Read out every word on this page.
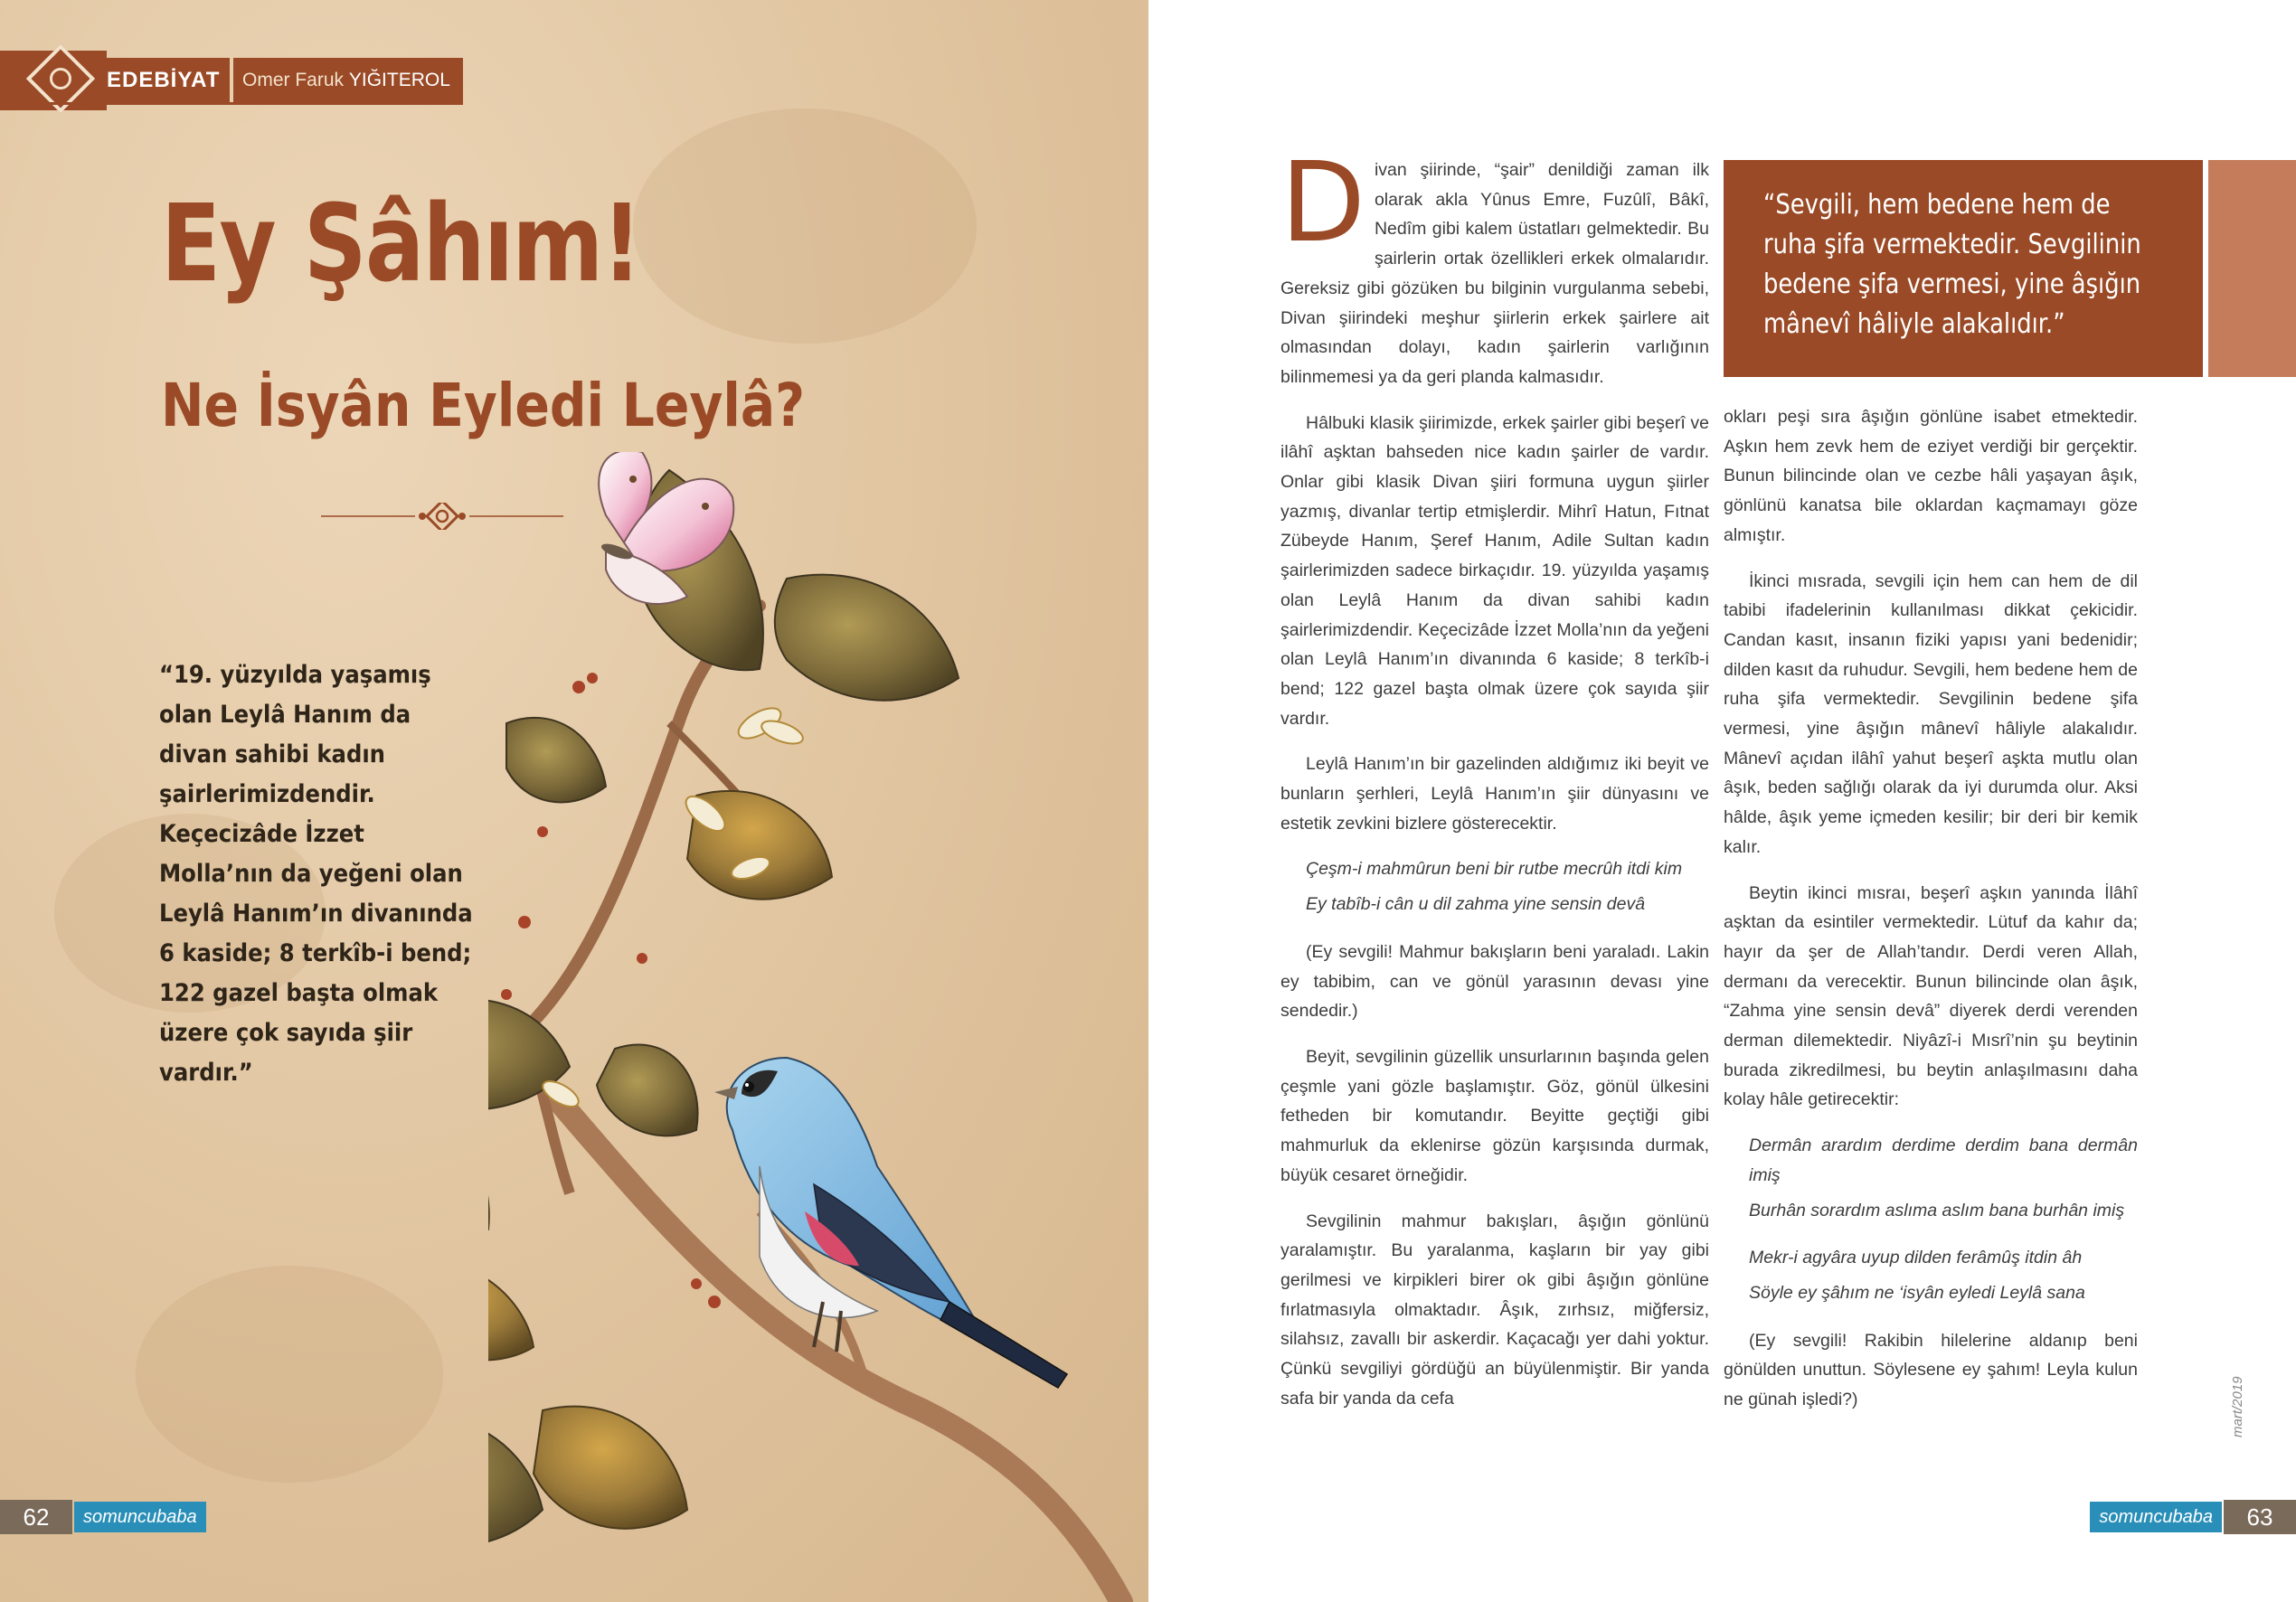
EDEBİYAT	Omer Faruk
YIĞITEROL
Ey Şâhım!
Ne İsyân Eyledi Leylâ?
“19. yüzyılda yaşamış olan Leylâ Hanım da divan sahibi kadın şairlerimizdendir. Keçecizâde İzzet Molla’nın da yeğeni olan Leylâ Hanım’ın divanında 6 kaside; 8 terkîb-i bend; 122 gazel başta olmak üzere çok sayıda şiir vardır.”
62	somuncubaba

Divan şiirinde, “şair” denildiği zaman ilk olarak akla Yûnus Emre, Fuzûlî, Bâkî, Nedîm gibi kalem üstatları gelmektedir. Bu şairlerin ortak özellikleri erkek olmalarıdır. Gereksiz gibi gözüken bu bilginin vurgulanma sebebi, Divan şiirindeki meşhur şiirlerin erkek şairlere ait olmasından dolayı, kadın şairlerin varlığının bilinmemesi ya da geri planda kalmasıdır.

Hâlbuki klasik şiirimizde, erkek şairler gibi beşerî ve ilâhî aşktan bahseden nice kadın şairler de vardır. Onlar gibi klasik Divan şiiri formuna uygun şiirler yazmış, divanlar tertip etmişlerdir. Mihrî Hatun, Fıtnat Zübeyde Hanım, Şeref Hanım, Adile Sultan kadın şairlerimizden sadece birkaçıdır. 19. yüzyılda yaşamış olan Leylâ Hanım da divan sahibi kadın şairlerimizdendir. Keçecizâde İzzet Molla’nın da yeğeni olan Leylâ Hanım’ın divanında 6 kaside; 8 terkîb-i bend; 122 gazel başta olmak üzere çok sayıda şiir vardır.

Leylâ Hanım’ın bir gazelinden aldığımız iki beyit ve bunların şerhleri, Leylâ Hanım’ın şiir dünyasını ve estetik zevkini bizlere gösterecektir.

Çeşm-i mahmûrun beni bir rutbe mecrûh itdi kim

Ey tabîb-i cân u dil zahma yine sensin devâ

(Ey sevgili! Mahmur bakışların beni yaraladı. Lakin ey tabibim, can ve gönül yarasının devası yine sendedir.)

Beyit, sevgilinin güzellik unsurlarının başında gelen çeşmle yani gözle başlamıştır. Göz, gönül ülkesini fetheden bir komutandır. Beyitte geçtiği gibi mahmurluk da eklenirse gözün karşısında durmak, büyük cesaret örneğidir.

Sevgilinin mahmur bakışları, âşığın gönlünü yaralamıştır. Bu yaralanma, kaşların bir yay gibi gerilmesi ve kirpikleri birer ok gibi âşığın gönlüne fırlatmasıyla olmaktadır. Âşık, zırhsız, miğfersiz, silahsız, zavallı bir askerdir. Kaçacağı yer dahi yoktur. Çünkü sevgiliyi gördüğü an büyülenmiştir. Bir yanda safa bir yanda da cefa

“Sevgili, hem bedene hem de ruha şifa vermektedir. Sevgilinin bedene şifa vermesi, yine âşığın mânevî hâliyle alakalıdır.”

okları peşi sıra âşığın gönlüne isabet etmektedir. Aşkın hem zevk hem de eziyet verdiği bir gerçektir. Bunun bilincinde olan ve cezbe hâli yaşayan âşık, gönlünü kanatsa bile oklardan kaçmamayı göze almıştır.

İkinci mısrada, sevgili için hem can hem de dil tabibi ifadelerinin kullanılması dikkat çekicidir. Candan kasıt, insanın fiziki yapısı yani bedenidir; dilden kasıt da ruhudur. Sevgili, hem bedene hem de ruha şifa vermektedir. Sevgilinin bedene şifa vermesi, yine âşığın mânevî hâliyle alakalıdır. Mânevî açıdan ilâhî yahut beşerî aşkta mutlu olan âşık, beden sağlığı olarak da iyi durumda olur. Aksi hâlde, âşık yeme içmeden kesilir; bir deri bir kemik kalır.

Beytin ikinci mısraı, beşerî aşkın yanında İlâhî aşktan da esintiler vermektedir. Lütuf da kahır da; hayır da şer de Allah’tandır. Derdi veren Allah, dermanı da verecektir. Bunun bilincinde olan âşık, “Zahma yine sensin devâ” diyerek derdi verenden derman dilemektedir. Niyâzî-i Mısrî’nin şu beytinin burada zikredilmesi, bu beytin anlaşılmasını daha kolay hâle getirecektir:

Dermân arardım derdime derdim bana dermân imiş

Burhân sorardım aslıma aslım bana burhân imiş

Mekr-i agyâra uyup dilden ferâmûş itdin âh

Söyle ey şâhım ne ‘isyân eyledi Leylâ sana

(Ey sevgili! Rakibin hilelerine aldanıp beni gönülden unuttun. Söylesene ey şahım! Leyla kulun ne günah işledi?)	mart/2019
somuncubaba	63
